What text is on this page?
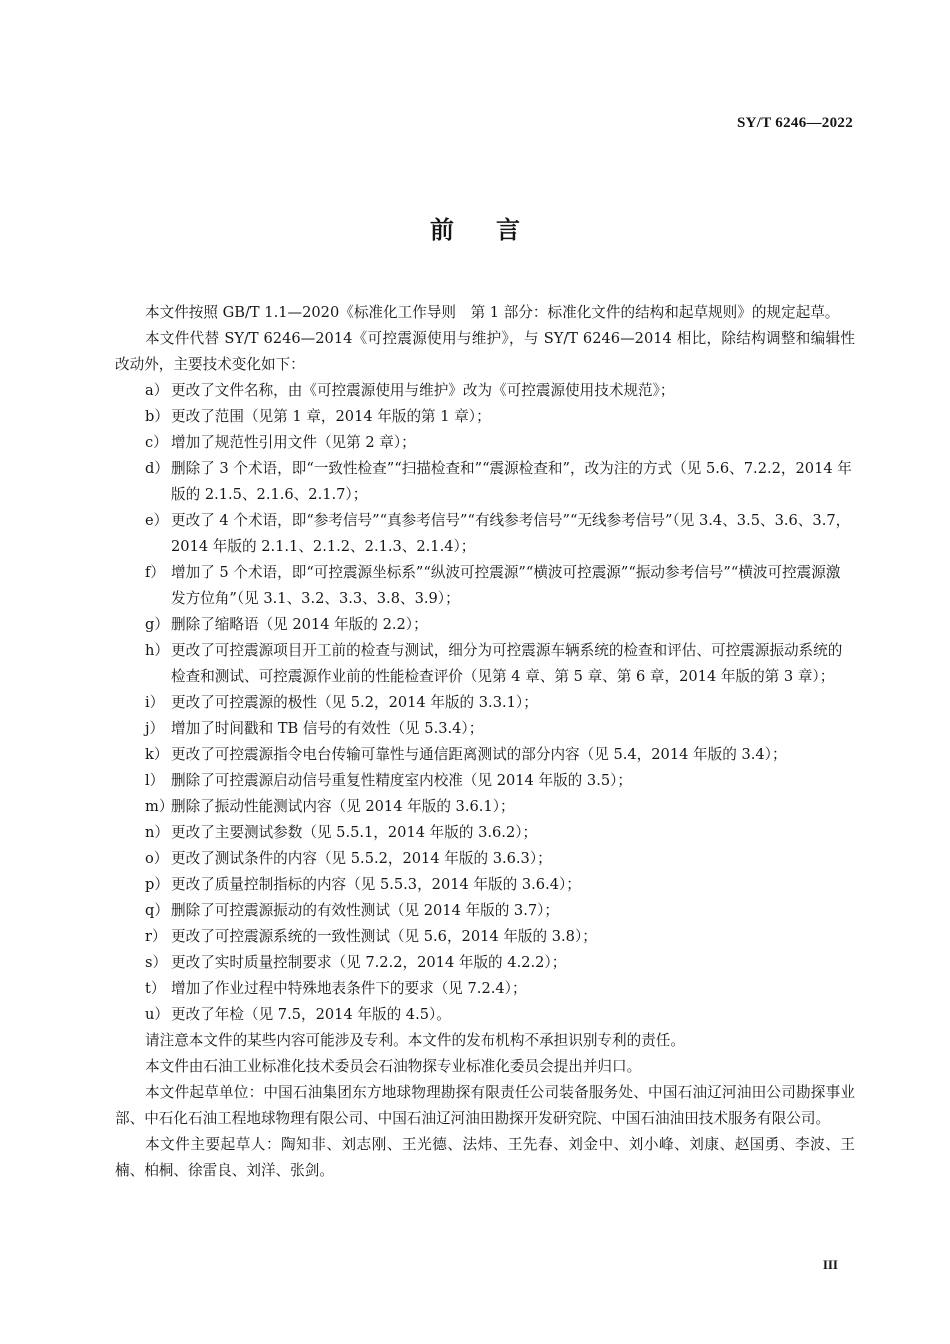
SY/T 6246—2022
前言

本文件按照 GB/T 1.1—2020《标准化工作导则　第 1 部分：标准化文件的结构和起草规则》的规定起草。

本文件代替 SY/T 6246—2014《可控震源使用与维护》，与 SY/T 6246—2014 相比，除结构调整和编辑性改动外，主要技术变化如下：

a） 更改了文件名称，由《可控震源使用与维护》改为《可控震源使用技术规范》；
b） 更改了范围（见第 1 章，2014 年版的第 1 章）；
c） 增加了规范性引用文件（见第 2 章）；
d） 删除了 3 个术语，即“一致性检查”“扫描检查和”“震源检查和”，改为注的方式（见 5.6、7.2.2，2014 年版的 2.1.5、2.1.6、2.1.7）；
e） 更改了 4 个术语，即“参考信号”“真参考信号”“有线参考信号”“无线参考信号”（见 3.4、3.5、3.6、3.7，2014 年版的 2.1.1、2.1.2、2.1.3、2.1.4）；
f） 增加了 5 个术语，即“可控震源坐标系”“纵波可控震源”“横波可控震源”“振动参考信号”“横波可控震源激发方位角”（见 3.1、3.2、3.3、3.8、3.9）；
g） 删除了缩略语（见 2014 年版的 2.2）；
h） 更改了可控震源项目开工前的检查与测试，细分为可控震源车辆系统的检查和评估、可控震源振动系统的检查和测试、可控震源作业前的性能检查评价（见第 4 章、第 5 章、第 6 章，2014 年版的第 3 章）；
i） 更改了可控震源的极性（见 5.2，2014 年版的 3.3.1）；
j） 增加了时间戳和 TB 信号的有效性（见 5.3.4）；
k） 更改了可控震源指令电台传输可靠性与通信距离测试的部分内容（见 5.4，2014 年版的 3.4）；
l） 删除了可控震源启动信号重复性精度室内校准（见 2014 年版的 3.5）；
m）
删除了振动性能测试内容（见 2014 年版的 3.6.1）；
n） 更改了主要测试参数（见 5.5.1，2014 年版的 3.6.2）；
o） 更改了测试条件的内容（见 5.5.2，2014 年版的 3.6.3）；
p） 更改了质量控制指标的内容（见 5.5.3，2014 年版的 3.6.4）；
q） 删除了可控震源振动的有效性测试（见 2014 年版的 3.7）；
r） 更改了可控震源系统的一致性测试（见 5.6，2014 年版的 3.8）；
s） 更改了实时质量控制要求（见 7.2.2，2014 年版的 4.2.2）；
t） 增加了作业过程中特殊地表条件下的要求（见 7.2.4）；
u） 更改了年检（见 7.5，2014 年版的 4.5）。

请注意本文件的某些内容可能涉及专利。本文件的发布机构不承担识别专利的责任。

本文件由石油工业标准化技术委员会石油物探专业标准化委员会提出并归口。

本文件起草单位：中国石油集团东方地球物理勘探有限责任公司装备服务处、中国石油辽河油田公司勘探事业部、中石化石油工程地球物理有限公司、中国石油辽河油田勘探开发研究院、中国石油油田技术服务有限公司。

本文件主要起草人：陶知非、刘志刚、王光德、法炜、王先春、刘金中、刘小峰、刘康、赵国勇、李波、王楠、柏桐、徐雷良、刘洋、张剑。

III
